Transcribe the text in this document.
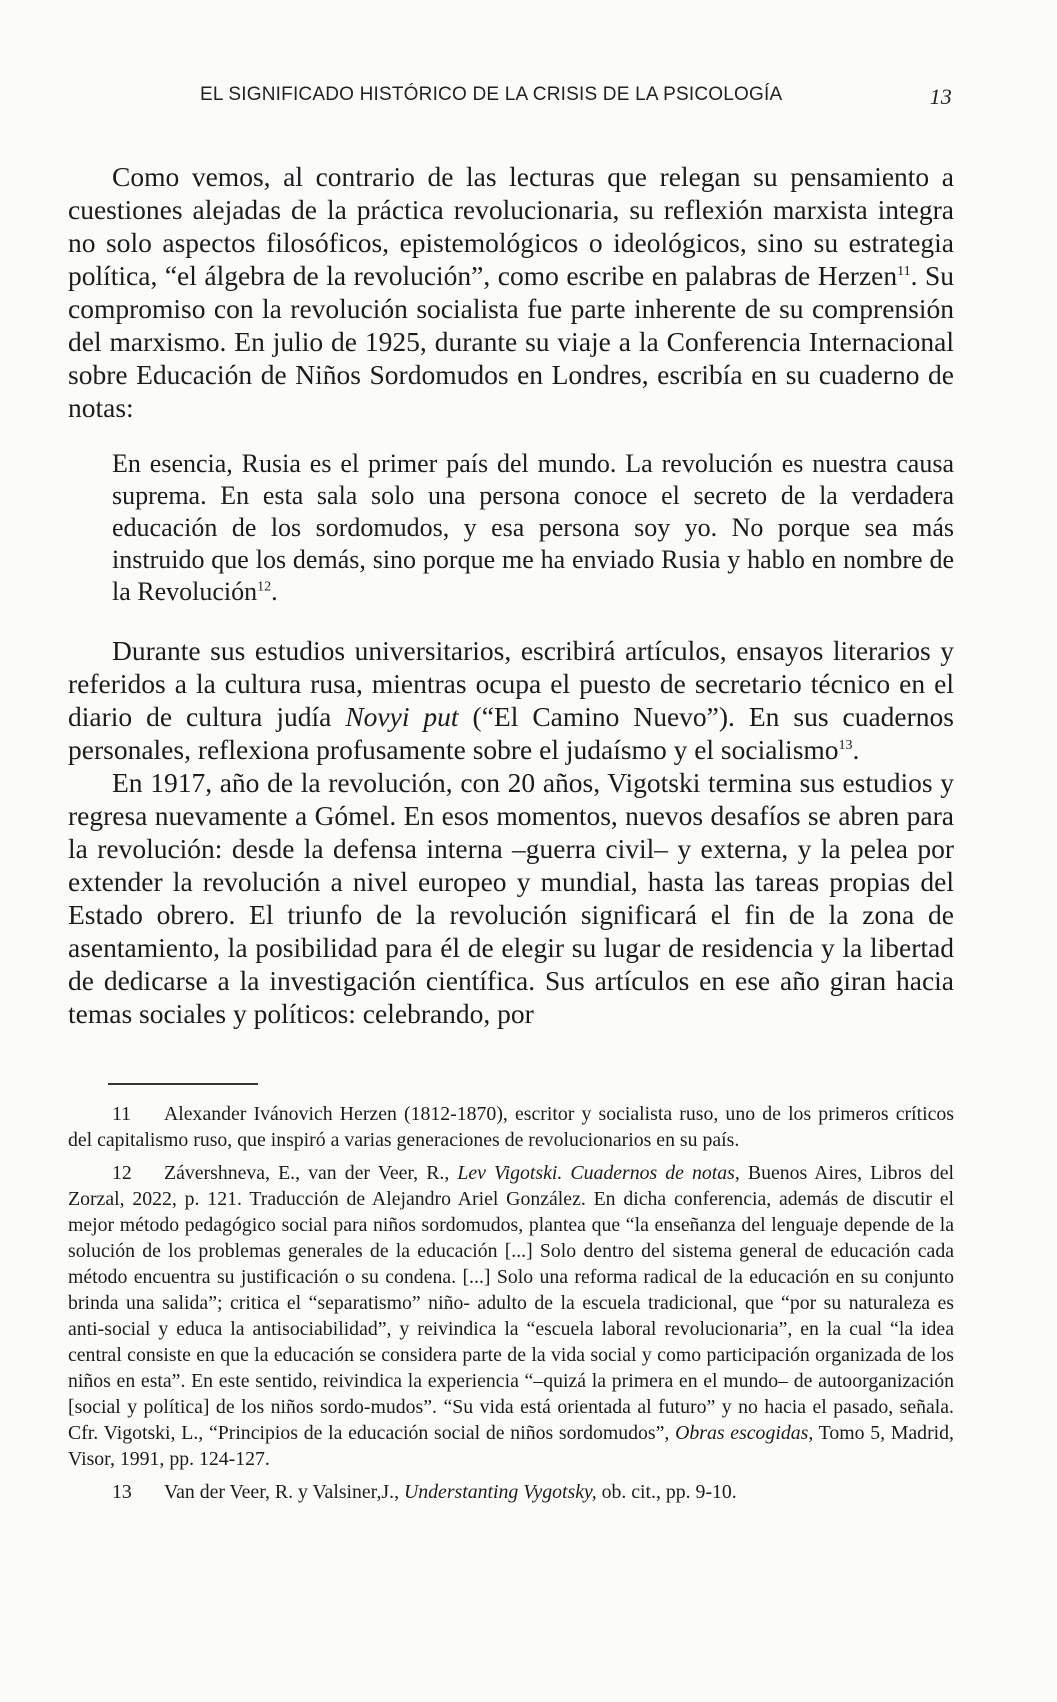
EL SIGNIFICADO HISTÓRICO DE LA CRISIS DE LA PSICOLOGÍA	13

Como vemos, al contrario de las lecturas que relegan su pensamiento a cuestiones alejadas de la práctica revolucionaria, su reflexión marxista integra no solo aspectos filosóficos, epistemológicos o ideológicos, sino su estrategia política, “el álgebra de la revolución”, como escribe en palabras de Herzen$^{11}$. Su compromiso con la revolución socialista fue parte inherente de su comprensión del marxismo. En julio de 1925, durante su viaje a la Conferencia Internacional sobre Educación de Niños Sordomudos en Londres, escribía en su cuaderno de notas:

En esencia, Rusia es el primer país del mundo. La revolución es nuestra causa suprema. En esta sala solo una persona conoce el secreto de la verdadera educación de los sordomudos, y esa persona soy yo. No porque sea más instruido que los demás, sino porque me ha enviado Rusia y hablo en nombre de la Revolución$^{12}$.

Durante sus estudios universitarios, escribirá artículos, ensayos literarios y referidos a la cultura rusa, mientras ocupa el puesto de secretario técnico en el diario de cultura judía Novyi put (“El Camino Nuevo”). En sus cuadernos personales, reflexiona profusamente sobre el judaísmo y el socialismo$^{13}$.

En 1917, año de la revolución, con 20 años, Vigotski termina sus estudios y regresa nuevamente a Gómel. En esos momentos, nuevos desafíos se abren para la revolución: desde la defensa interna –guerra civil– y externa, y la pelea por extender la revolución a nivel europeo y mundial, hasta las tareas propias del Estado obrero. El triunfo de la revolución significará el fin de la zona de asentamiento, la posibilidad para él de elegir su lugar de residencia y la libertad de dedicarse a la investigación científica. Sus artículos en ese año giran hacia temas sociales y políticos: celebrando, por

11 Alexander Ivánovich Herzen (1812-1870), escritor y socialista ruso, uno de los primeros críticos del capitalismo ruso, que inspiró a varias generaciones de revolucionarios en su país.

12 Závershneva, E., van der Veer, R., Lev Vigotski. Cuadernos de notas, Buenos Aires, Libros del Zorzal, 2022, p. 121. Traducción de Alejandro Ariel González. En dicha conferencia, además de discutir el mejor método pedagógico social para niños sordomudos, plantea que “la enseñanza del lenguaje depende de la solución de los problemas generales de la educación [...] Solo dentro del sistema general de educación cada método encuentra su justificación o su condena. [...] Solo una reforma radical de la educación en su conjunto brinda una salida”; critica el “separatismo” niño- adulto de la escuela tradicional, que “por su naturaleza es anti-social y educa la antisociabilidad”, y reivindica la “escuela laboral revolucionaria”, en la cual “la idea central consiste en que la educación se considera parte de la vida social y como participación organizada de los niños en esta”. En este sentido, reivindica la experiencia “–quizá la primera en el mundo– de autoorganización [social y política] de los niños sordo-mudos”. “Su vida está orientada al futuro” y no hacia el pasado, señala. Cfr. Vigotski, L., “Principios de la educación social de niños sordomudos”, Obras escogidas, Tomo 5, Madrid, Visor, 1991, pp. 124-127.

13 Van der Veer, R. y Valsiner,J., Understanting Vygotsky, ob. cit., pp. 9-10.
